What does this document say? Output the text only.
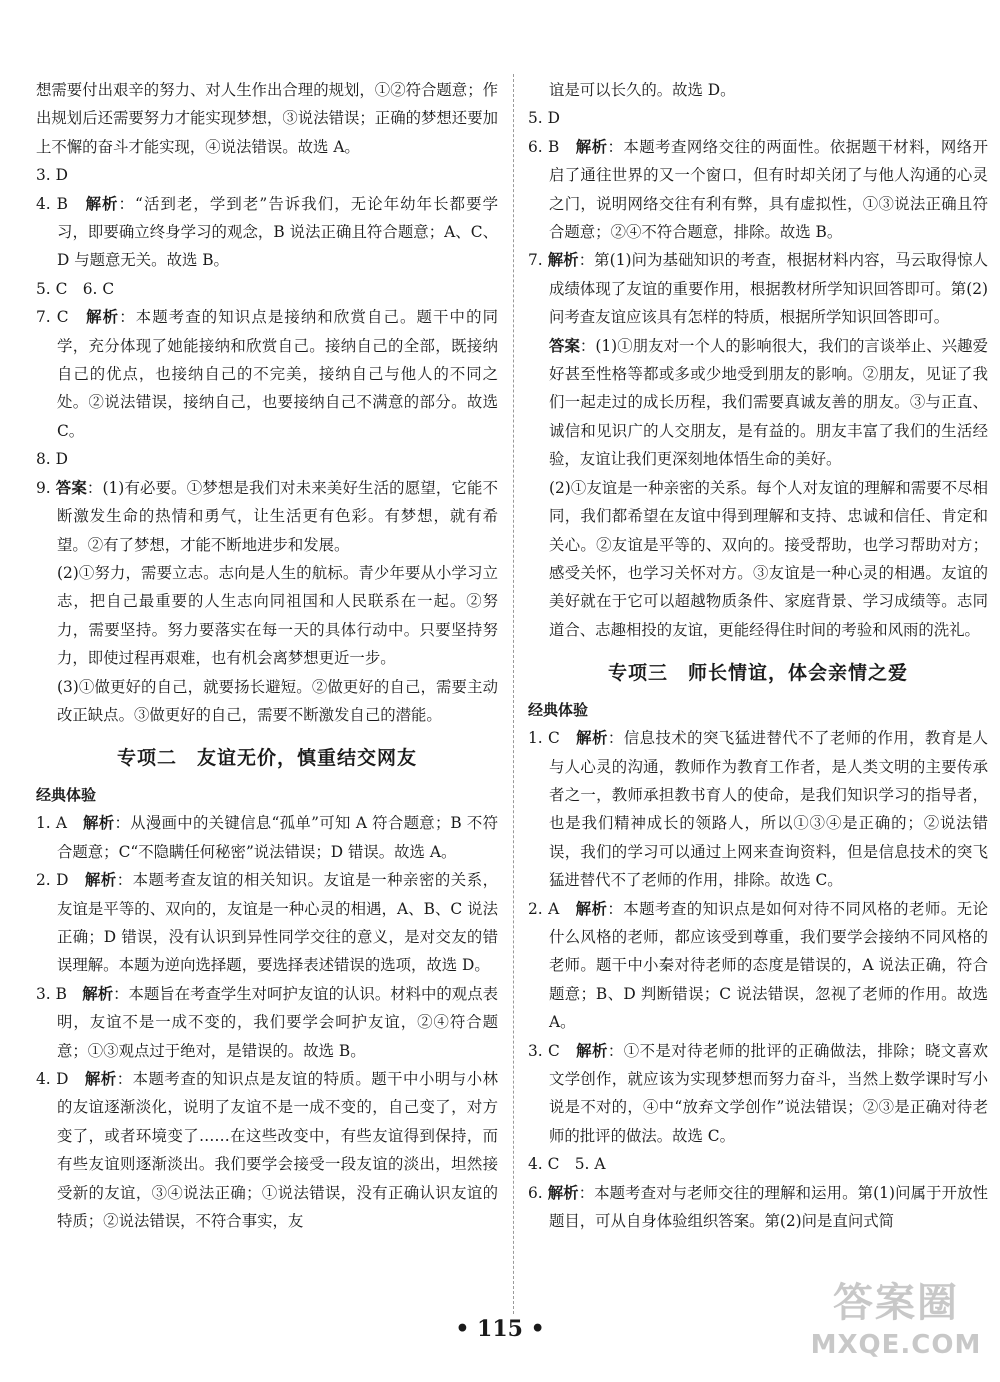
想需要付出艰辛的努力、对人生作出合理的规划，①②符合题意；作出规划后还需要努力才能实现梦想，③说法错误；正确的梦想还要加上不懈的奋斗才能实现，④说法错误。故选 A。

3. D

4. B　解析：“活到老，学到老”告诉我们，无论年幼年长都要学习，即要确立终身学习的观念，B 说法正确且符合题意；A、C、D 与题意无关。故选 B。

5. C　6. C

7. C　解析：本题考查的知识点是接纳和欣赏自己。题干中的同学，充分体现了她能接纳和欣赏自己。接纳自己的全部，既接纳自己的优点，也接纳自己的不完美，接纳自己与他人的不同之处。②说法错误，接纳自己，也要接纳自己不满意的部分。故选 C。

8. D

9. 答案：(1)有必要。①梦想是我们对未来美好生活的愿望，它能不断激发生命的热情和勇气，让生活更有色彩。有梦想，就有希望。②有了梦想，才能不断地进步和发展。

(2)①努力，需要立志。志向是人生的航标。青少年要从小学习立志，把自己最重要的人生志向同祖国和人民联系在一起。②努力，需要坚持。努力要落实在每一天的具体行动中。只要坚持努力，即使过程再艰难，也有机会离梦想更近一步。

(3)①做更好的自己，就要扬长避短。②做更好的自己，需要主动改正缺点。③做更好的自己，需要不断激发自己的潜能。

专项二　友谊无价，慎重结交网友
经典体验

1. A　解析：从漫画中的关键信息“孤单”可知 A 符合题意；B 不符合题意；C“不隐瞒任何秘密”说法错误；D 错误。故选 A。

2. D　解析：本题考查友谊的相关知识。友谊是一种亲密的关系，友谊是平等的、双向的，友谊是一种心灵的相遇，A、B、C 说法正确；D 错误，没有认识到异性同学交往的意义，是对交友的错误理解。本题为逆向选择题，要选择表述错误的选项，故选 D。

3. B　解析：本题旨在考查学生对呵护友谊的认识。材料中的观点表明，友谊不是一成不变的，我们要学会呵护友谊，②④符合题意；①③观点过于绝对，是错误的。故选 B。

4. D　解析：本题考查的知识点是友谊的特质。题干中小明与小林的友谊逐渐淡化，说明了友谊不是一成不变的，自己变了，对方变了，或者环境变了……在这些改变中，有些友谊得到保持，而有些友谊则逐渐淡出。我们要学会接受一段友谊的淡出，坦然接受新的友谊，③④说法正确；①说法错误，没有正确认识友谊的特质；②说法错误，不符合事实，友

谊是可以长久的。故选 D。

5. D

6. B　解析：本题考查网络交往的两面性。依据题干材料，网络开启了通往世界的又一个窗口，但有时却关闭了与他人沟通的心灵之门，说明网络交往有利有弊，具有虚拟性，①③说法正确且符合题意；②④不符合题意，排除。故选 B。

7. 解析：第(1)问为基础知识的考查，根据材料内容，马云取得惊人成绩体现了友谊的重要作用，根据教材所学知识回答即可。第(2)问考查友谊应该具有怎样的特质，根据所学知识回答即可。

答案：(1)①朋友对一个人的影响很大，我们的言谈举止、兴趣爱好甚至性格等都或多或少地受到朋友的影响。②朋友，见证了我们一起走过的成长历程，我们需要真诚友善的朋友。③与正直、诚信和见识广的人交朋友，是有益的。朋友丰富了我们的生活经验，友谊让我们更深刻地体悟生命的美好。

(2)①友谊是一种亲密的关系。每个人对友谊的理解和需要不尽相同，我们都希望在友谊中得到理解和支持、忠诚和信任、肯定和关心。②友谊是平等的、双向的。接受帮助，也学习帮助对方；感受关怀，也学习关怀对方。③友谊是一种心灵的相遇。友谊的美好就在于它可以超越物质条件、家庭背景、学习成绩等。志同道合、志趣相投的友谊，更能经得住时间的考验和风雨的洗礼。

专项三　师长情谊，体会亲情之爱
经典体验

1. C　解析：信息技术的突飞猛进替代不了老师的作用，教育是人与人心灵的沟通，教师作为教育工作者，是人类文明的主要传承者之一，教师承担教书育人的使命，是我们知识学习的指导者，也是我们精神成长的领路人，所以①③④是正确的；②说法错误，我们的学习可以通过上网来查询资料，但是信息技术的突飞猛进替代不了老师的作用，排除。故选 C。

2. A　解析：本题考查的知识点是如何对待不同风格的老师。无论什么风格的老师，都应该受到尊重，我们要学会接纳不同风格的老师。题干中小秦对待老师的态度是错误的，A 说法正确，符合题意；B、D 判断错误；C 说法错误，忽视了老师的作用。故选 A。

3. C　解析：①不是对待老师的批评的正确做法，排除；晓文喜欢文学创作，就应该为实现梦想而努力奋斗，当然上数学课时写小说是不对的，④中“放弃文学创作”说法错误；②③是正确对待老师的批评的做法。故选 C。

4. C　5. A

6. 解析：本题考查对与老师交往的理解和运用。第(1)问属于开放性题目，可从自身体验组织答案。第(2)问是直问式简

• 115 •
答案圈
MXQE.COM
